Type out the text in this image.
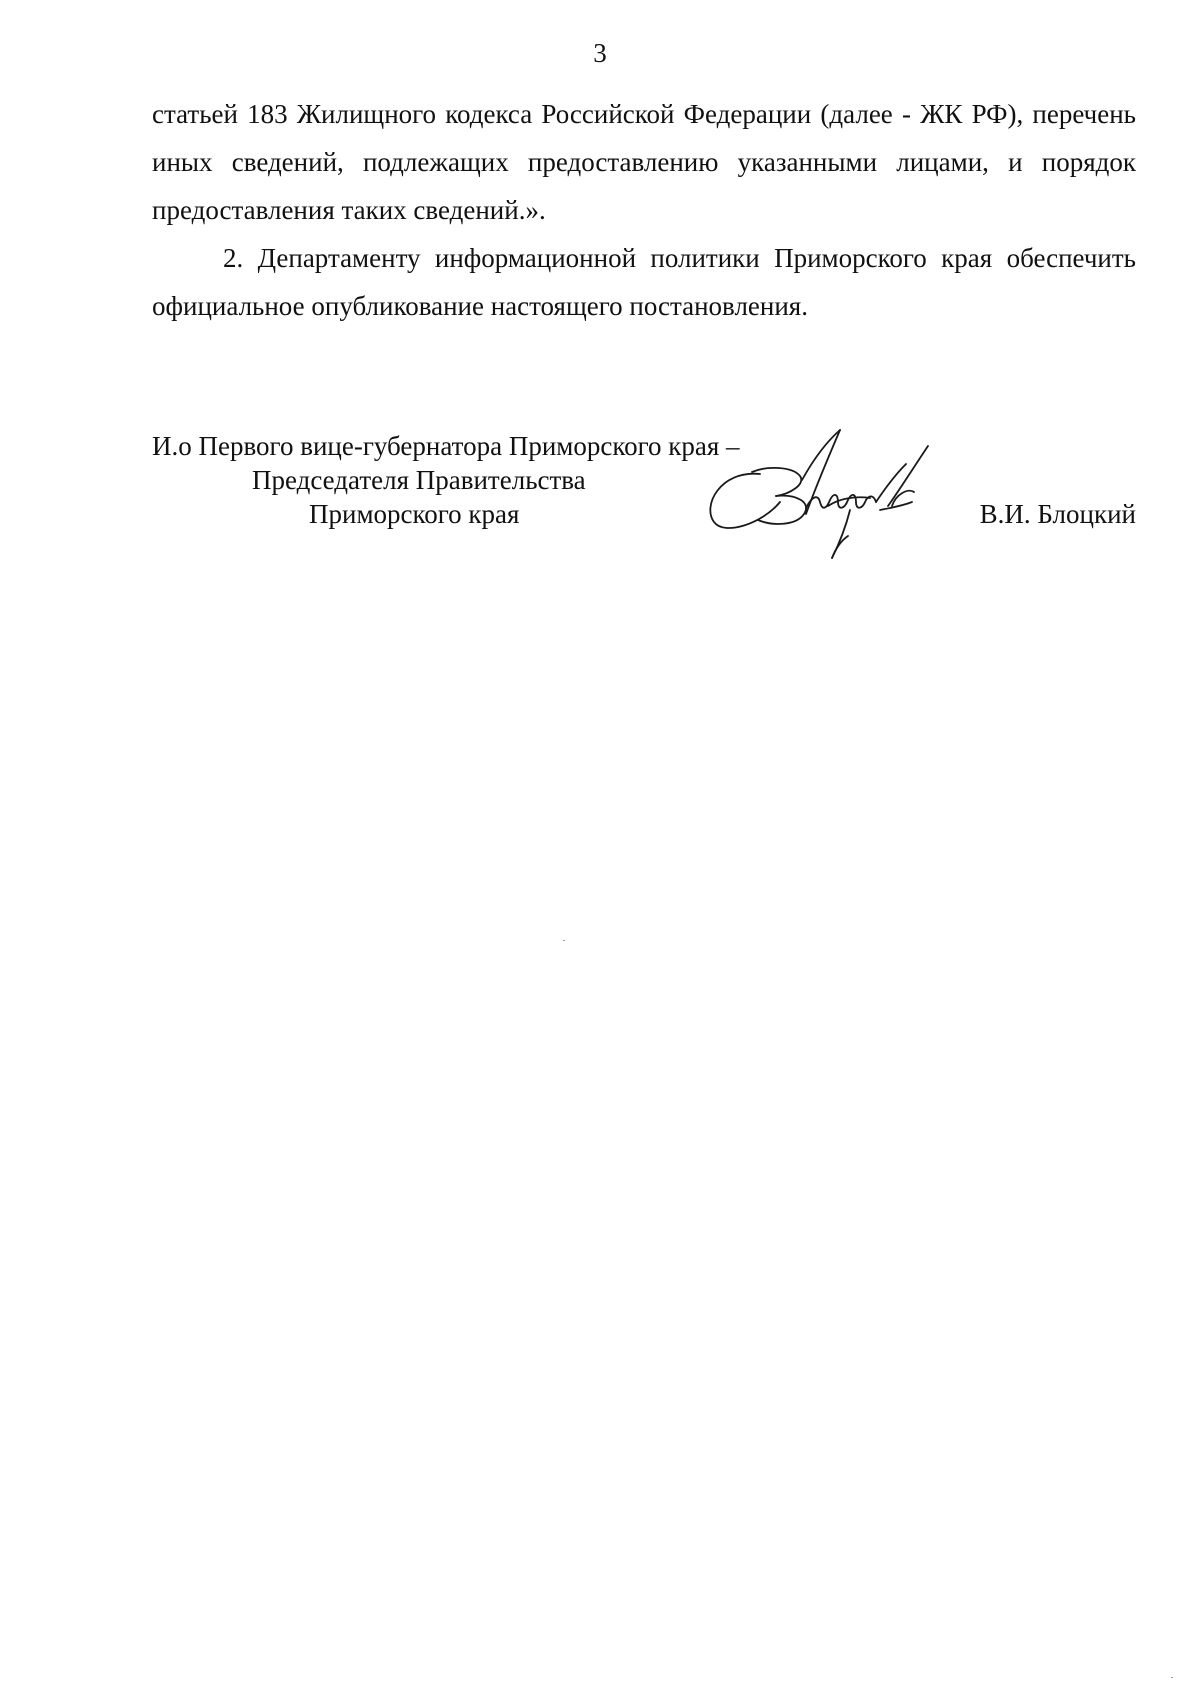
3

статьей 183 Жилищного кодекса Российской Федерации (далее - ЖК РФ), перечень иных сведений, подлежащих предоставлению указанными лицами, и порядок предоставления таких сведений.».

2. Департаменту информационной политики Приморского края обеспечить официальное опубликование настоящего постановления.

И.о Первого вице-губернатора Приморского края –
Председателя Правительства
Приморского края	В.И. Блоцкий
